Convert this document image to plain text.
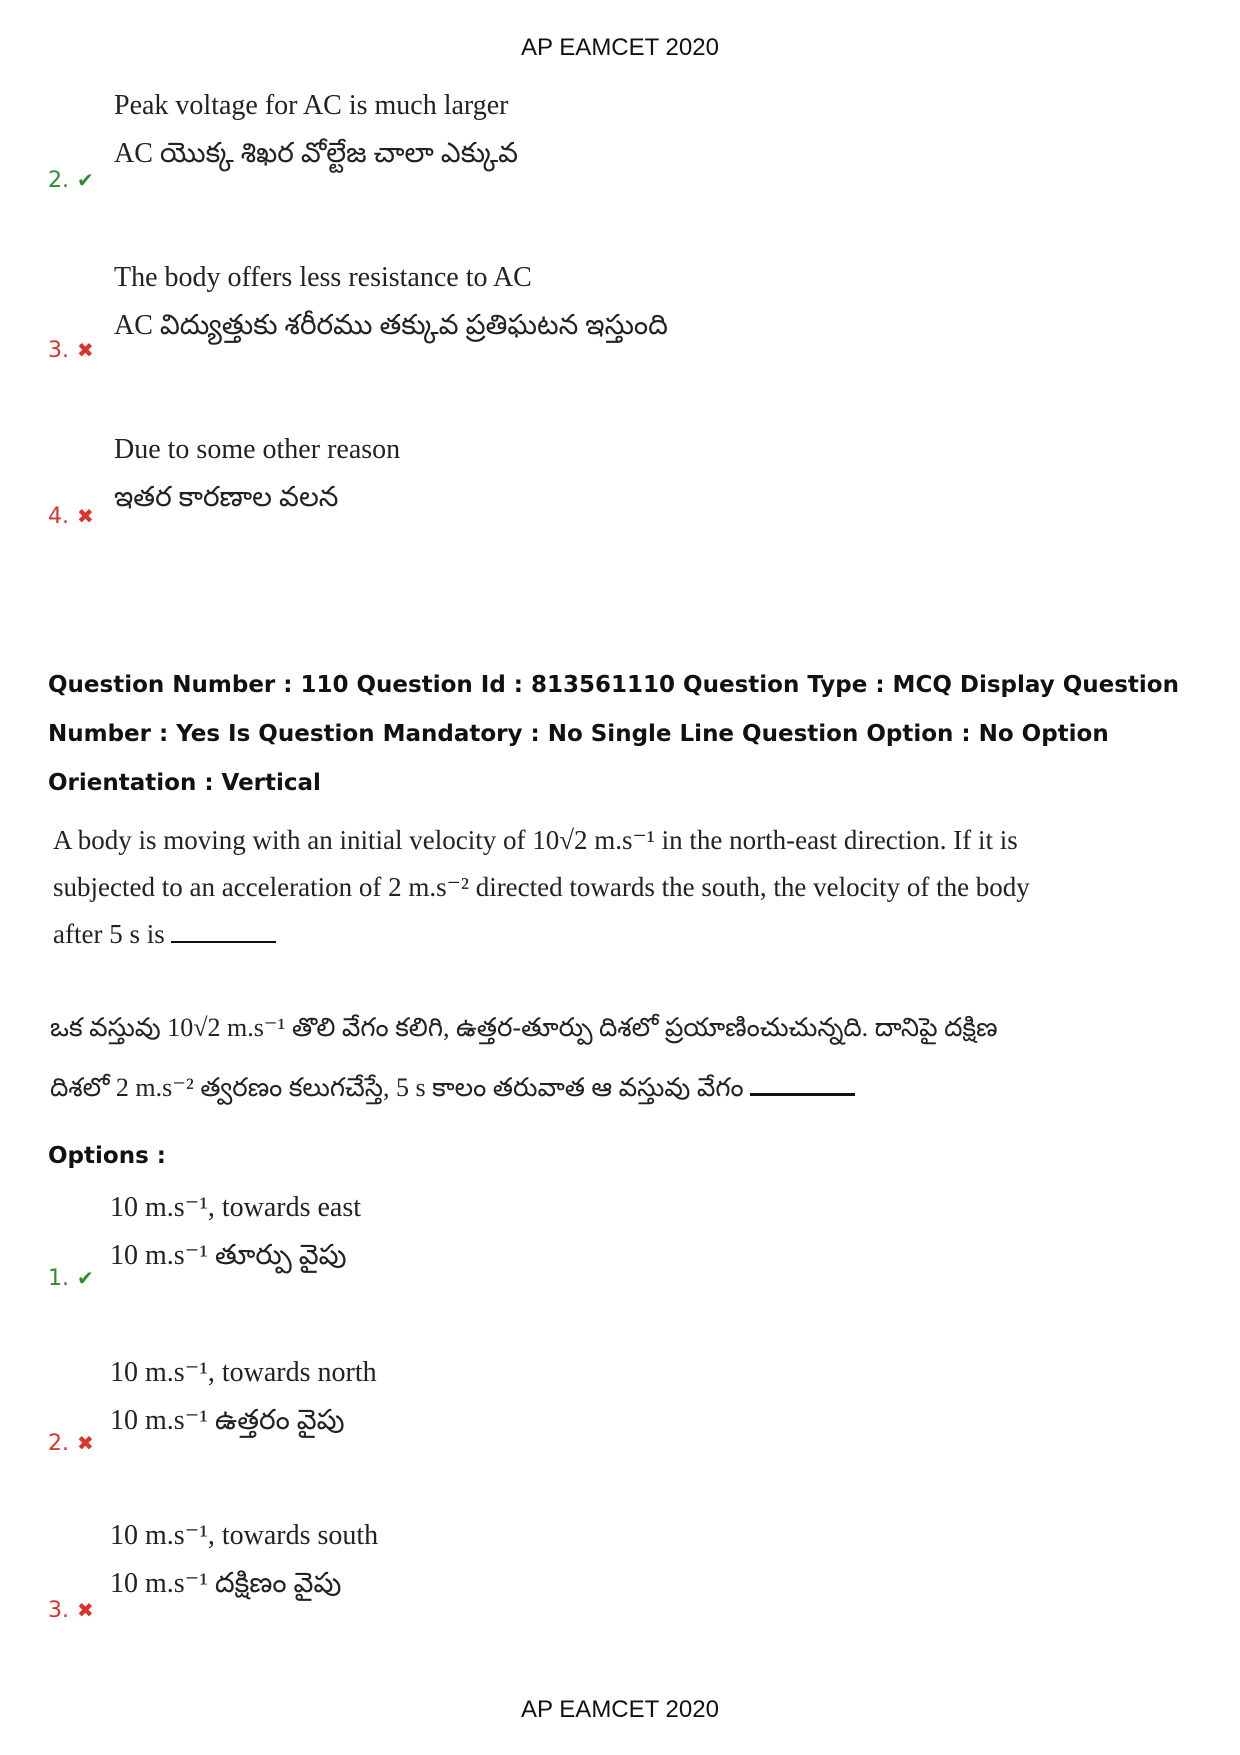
AP EAMCET 2020
Peak voltage for AC is much larger
AC యొక్క శిఖర వోల్టేజ చాలా ఎక్కువ
2. ✔
The body offers less resistance to AC
AC విద్యుత్తుకు శరీరము తక్కువ ప్రతిఘటన ఇస్తుంది
3. ✖
Due to some other reason
ఇతర కారణాల వలన
4. ✖
Question Number : 110 Question Id : 813561110 Question Type : MCQ Display Question
Number : Yes Is Question Mandatory : No Single Line Question Option : No Option
Orientation : Vertical
A body is moving with an initial velocity of 10√2 m.s⁻¹ in the north-east direction. If it is
subjected to an acceleration of 2 m.s⁻² directed towards the south, the velocity of the body
after 5 s is
ఒక వస్తువు 10√2 m.s⁻¹ తొలి వేగం కలిగి, ఉత్తర-తూర్పు దిశలో ప్రయాణించుచున్నది. దానిపై దక్షిణ
దిశలో 2 m.s⁻² త్వరణం కలుగచేస్తే, 5 s కాలం తరువాత ఆ వస్తువు వేగం
Options :
10 m.s⁻¹, towards east
10 m.s⁻¹ తూర్పు వైపు
1. ✔
10 m.s⁻¹, towards north
10 m.s⁻¹ ఉత్తరం వైపు
2. ✖
10 m.s⁻¹, towards south
10 m.s⁻¹ దక్షిణం వైపు
3. ✖
AP EAMCET 2020
